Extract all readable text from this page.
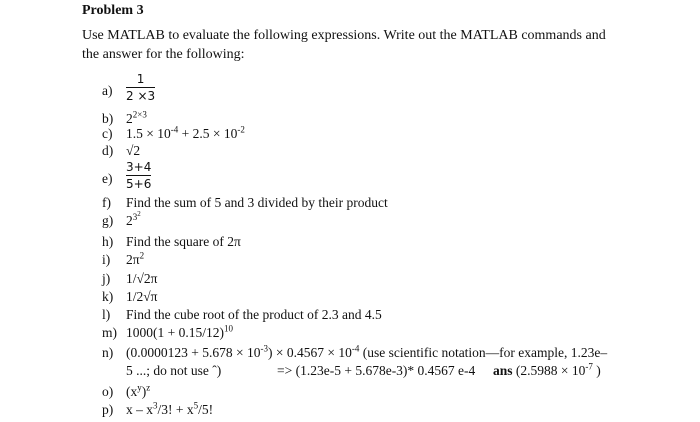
Problem 3
Use MATLAB to evaluate the following expressions. Write out the MATLAB commands and
the answer for the following:
$a) \frac{1}{2 \times 3}$
b) $2^{2\times 3}$
c) $1.5 \times 10^{-4} + 2.5 \times 10^{-2}$
d) √2
$e) \frac{3+4}{5+6}$
f) Find the sum of 5 and 3 divided by their product
g) $2^{3^2}$
h) Find the square of 2π
i) $2\pi^2$
j) 1/√2π
k) 1/2√π
l) Find the cube root of the product of 2.3 and 4.5
m) $1000(1 + 0.15/12)^{10}$
n) $(0.0000123 + 5.678 \times 10^{-3}) \times 0.4567 \times 10^{-4}$ (use scientific notation—for example, 1.23e–
5 ...; do not use ˆ)	=> (1.23e-5 + 5.678e-3)* 0.4567 e-4 ans ($2.5988 \times 10^{-7}$ )
o) $(x^y)^z$
p) x – $x^3/3$! + $x^5/5$!
